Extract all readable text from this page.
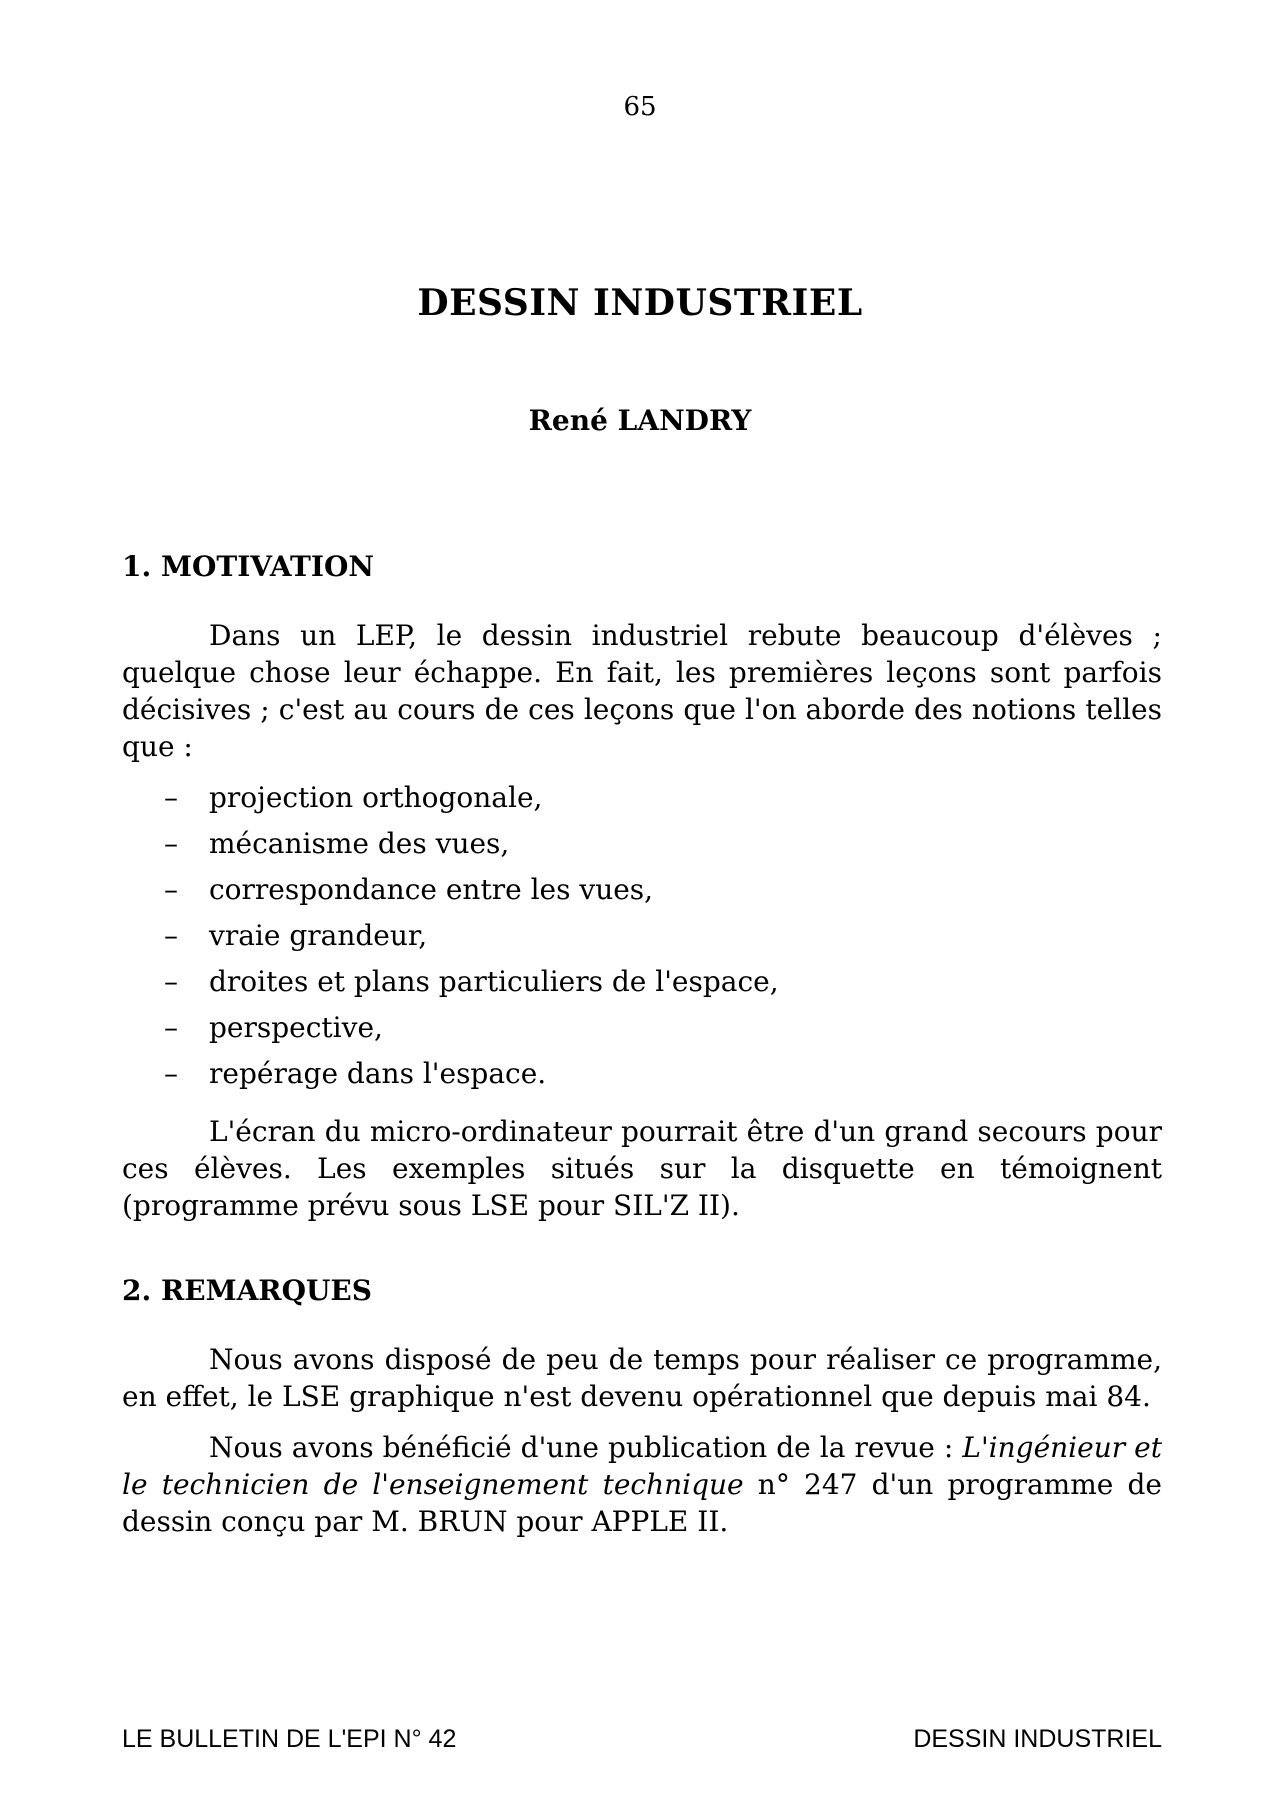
65

DESSIN INDUSTRIEL

René LANDRY

1. MOTIVATION

Dans un LEP, le dessin industriel rebute beaucoup d'élèves ; quelque chose leur échappe. En fait, les premières leçons sont parfois décisives ; c'est au cours de ces leçons que l'on aborde des notions telles que :

–	projection orthogonale,
–	mécanisme des vues,
–	correspondance entre les vues,
–	vraie grandeur,
–	droites et plans particuliers de l'espace,
–	perspective,
–	repérage dans l'espace.

L'écran du micro-ordinateur pourrait être d'un grand secours pour ces élèves. Les exemples situés sur la disquette en témoignent (programme prévu sous LSE pour SIL'Z II).

2. REMARQUES

Nous avons disposé de peu de temps pour réaliser ce programme, en effet, le LSE graphique n'est devenu opérationnel que depuis mai 84.

Nous avons bénéficié d'une publication de la revue : L'ingénieur et le technicien de l'enseignement technique n° 247 d'un programme de dessin conçu par M. BRUN pour APPLE II.

LE BULLETIN DE L'EPI N° 42	DESSIN INDUSTRIEL
